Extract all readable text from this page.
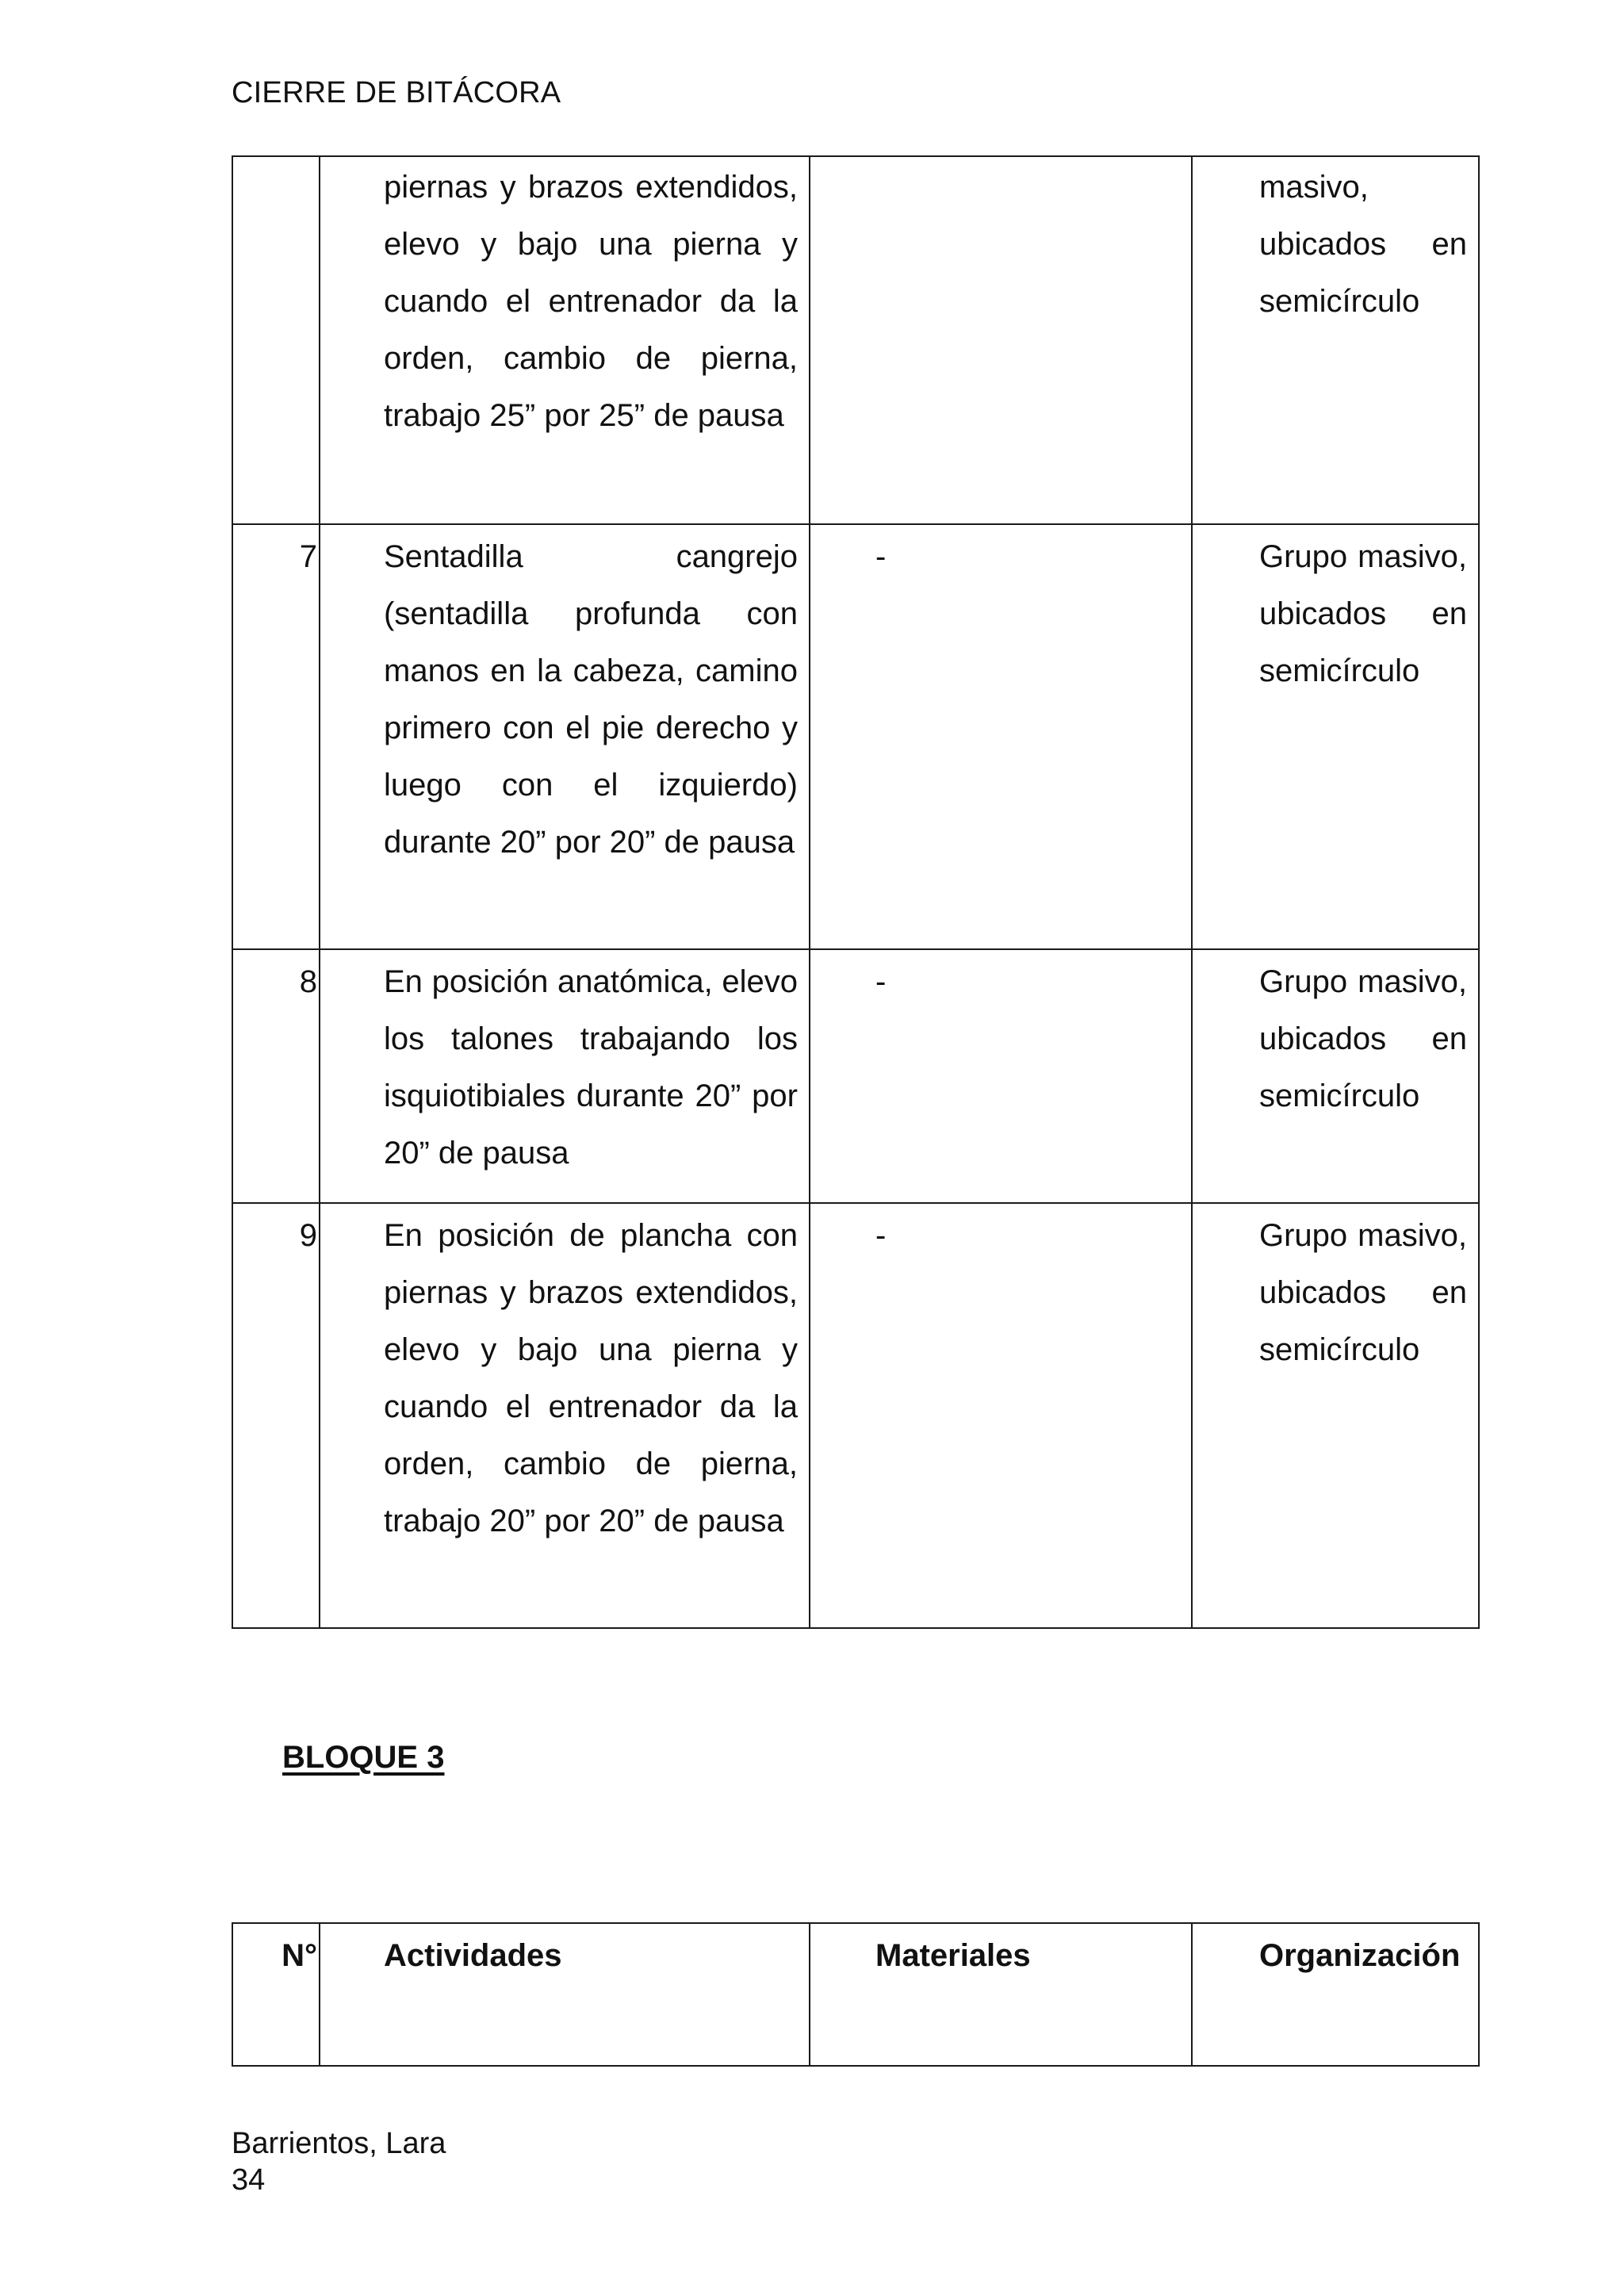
CIERRE DE BITÁCORA

	piernas y brazos extendidos, elevo y bajo una pierna y cuando el entrenador da la orden, cambio de pierna, trabajo 25” por 25” de pausa		masivo, ubicados en semicírculo

7	Sentadilla cangrejo (sentadilla profunda con manos en la cabeza, camino primero con el pie derecho y luego con el izquierdo) durante 20” por 20” de pausa	-	Grupo masivo, ubicados en semicírculo

8	En posición anatómica, elevo los talones trabajando los isquiotibiales durante 20” por 20” de pausa	-	Grupo masivo, ubicados en semicírculo

9	En posición de plancha con piernas y brazos extendidos, elevo y bajo una pierna y cuando el entrenador da la orden, cambio de pierna, trabajo 20” por 20” de pausa	-	Grupo masivo, ubicados en semicírculo
BLOQUE 3
N°	Actividades	Materiales	Organización
Barrientos, Lara
34
